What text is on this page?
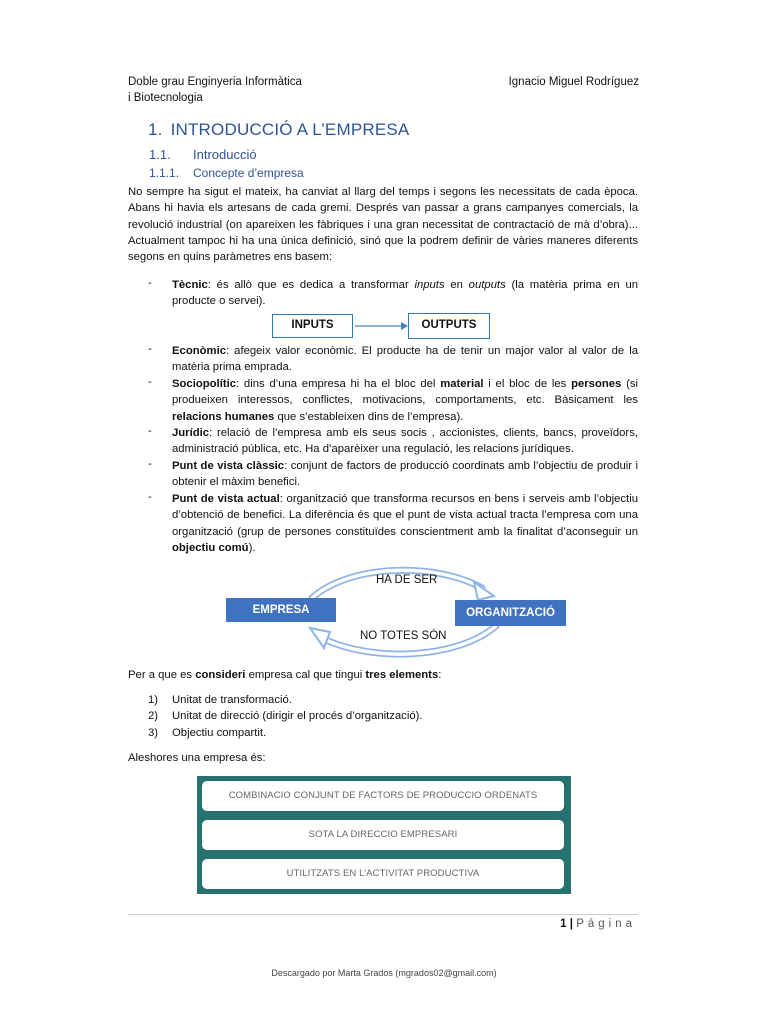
Doble grau Enginyeria Informàtica
i Biotecnologia
Ignacio Miguel Rodríguez
1. INTRODUCCIÓ A L’EMPRESA
1.1. Introducció
1.1.1. Concepte d’empresa
No sempre ha sigut el mateix, ha canviat al llarg del temps i segons les necessitats de cada època. Abans hi havia els artesans de cada gremi. Després van passar a grans campanyes comercials, la revolució industrial (on apareixen les fàbriques i una gran necessitat de contractació de mà d’obra)... Actualment tampoc hi ha una única definició, sinó que la podrem definir de vàries maneres diferents segons en quins paràmetres ens basem:
- Tècnic: és allò que es dedica a transformar inputs en outputs (la matèria prima en un producte o servei).
INPUTS	OUTPUTS
- Econòmic: afegeix valor econòmic. El producte ha de tenir un major valor al valor de la matèria prima emprada.
- Sociopolític: dins d’una empresa hi ha el bloc del material i el bloc de les persones (si produeixen interessos, conflictes, motivacions, comportaments, etc. Bàsicament les relacions humanes que s’estableixen dins de l’empresa).
- Jurídic: relació de l’empresa amb els seus socis , accionistes, clients, bancs, proveïdors, administració pública, etc. Ha d’aparèixer una regulació, les relacions jurídiques.
- Punt de vista clàssic: conjunt de factors de producció coordinats amb l’objectiu de produir i obtenir el màxim benefici.
- Punt de vista actual: organització que transforma recursos en bens i serveis amb l’objectiu d’obtenció de benefici. La diferència és que el punt de vista actual tracta l’empresa com una organització (grup de persones constituïdes conscientment amb la finalitat d’aconseguir un objectiu comú).
EMPRESA	ORGANITZACIÓ
HA DE SER
NO TOTES SÓN
Per a que es consideri empresa cal que tingui tres elements:
1) Unitat de transformació.
2) Unitat de direcció (dirigir el procés d’organització).
3) Objectiu compartit.
Aleshores una empresa és:
COMBINACIO CONJUNT DE FACTORS DE PRODUCCIO ORDENATS
SOTA LA DIRECCIO EMPRESARI
UTILITZATS EN L’ACTIVITAT PRODUCTIVA
1 | Página
Descargado por Marta Grados (mgrados02@gmail.com)
